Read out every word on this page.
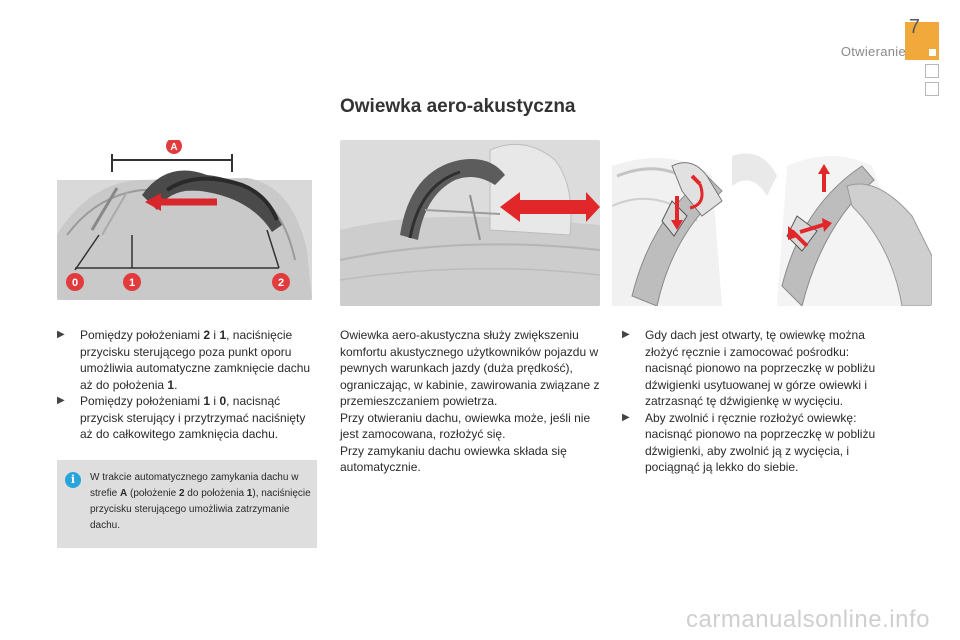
7
Otwieranie
Owiewka aero-akustyczna
A
0	1	2

▶ Pomiędzy położeniami 2 i 1, naciśnięcie przycisku sterującego poza punkt oporu umożliwia automatyczne zamknięcie dachu aż do położenia 1.

▶ Pomiędzy położeniami 1 i 0, nacisnąć przycisk sterujący i przytrzymać naciśnięty aż do całkowitego zamknięcia dachu.

i	W trakcie automatycznego zamykania dachu w strefie A (położenie 2 do położenia 1), naciśnięcie przycisku sterującego umożliwia zatrzymanie dachu.

Owiewka aero-akustyczna służy zwiększeniu komfortu akustycznego użytkowników pojazdu w pewnych warunkach jazdy (duża prędkość), ograniczając, w kabinie, zawirowania związane z przemieszczaniem powietrza.

Przy otwieraniu dachu, owiewka może, jeśli nie jest zamocowana, rozłożyć się.

Przy zamykaniu dachu owiewka składa się automatycznie.

▶ Gdy dach jest otwarty, tę owiewkę można złożyć ręcznie i zamocować pośrodku: nacisnąć pionowo na poprzeczkę w pobliżu dźwigienki usytuowanej w górze owiewki i zatrzasnąć tę dźwigienkę w wycięciu.

▶ Aby zwolnić i ręcznie rozłożyć owiewkę: nacisnąć pionowo na poprzeczkę w pobliżu dźwigienki, aby zwolnić ją z wycięcia, i pociągnąć ją lekko do siebie.

carmanualsonline.info
